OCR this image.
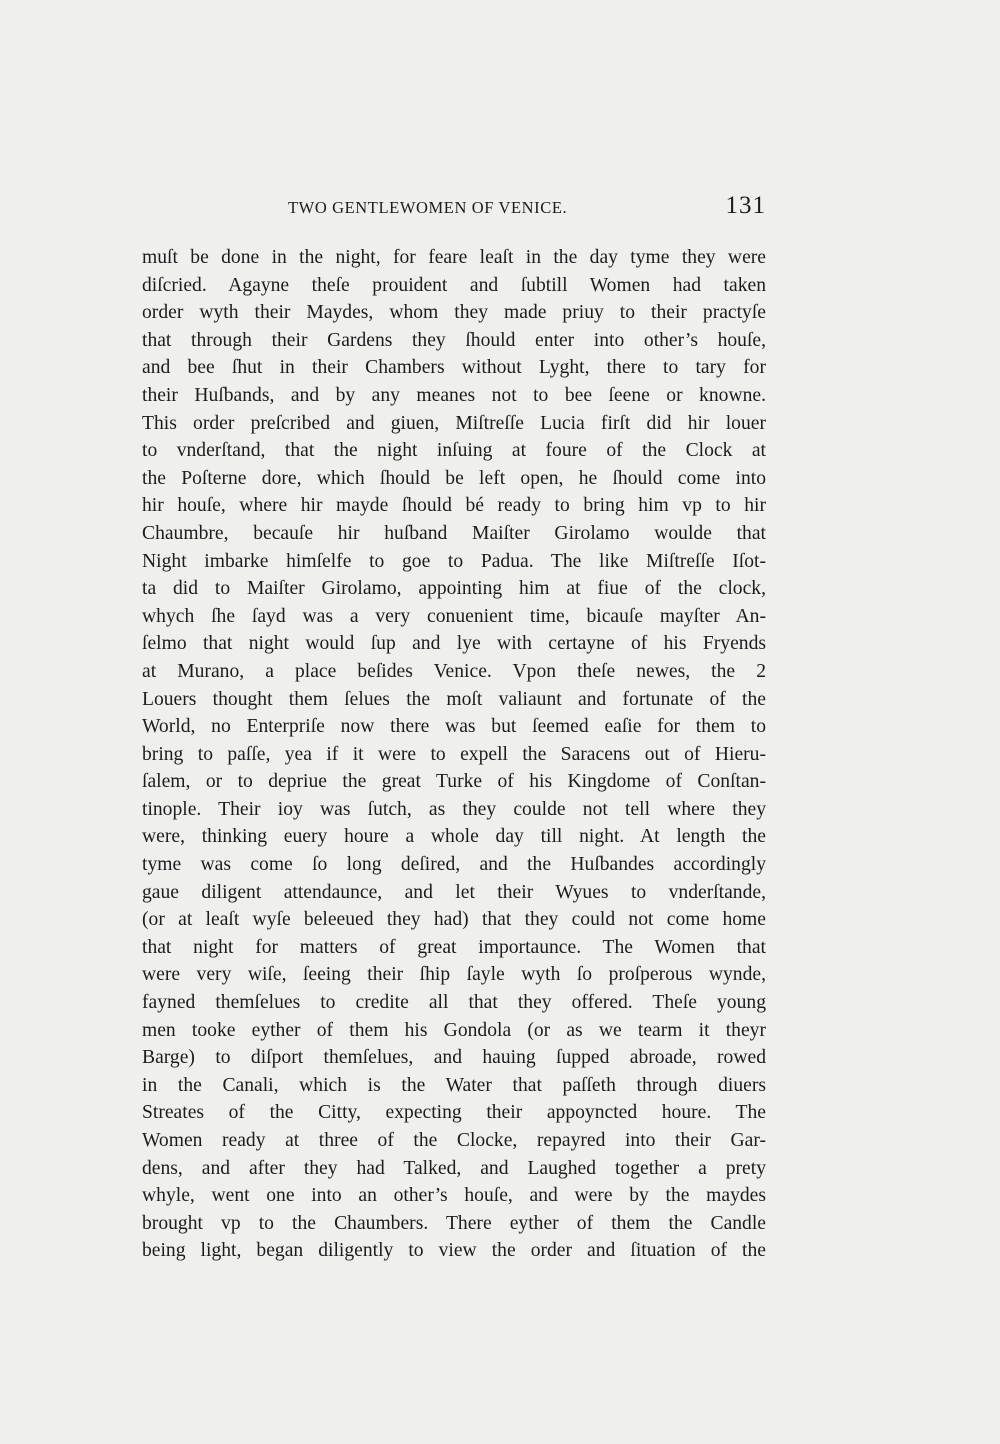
TWO GENTLEWOMEN OF VENICE.	131
muſt be done in the night, for feare leaſt in the day tyme they were
diſcried. Agayne theſe prouident and ſubtill Women had taken
order wyth their Maydes, whom they made priuy to their practyſe
that through their Gardens they ſhould enter into other’s houſe,
and bee ſhut in their Chambers without Lyght, there to tary for
their Huſbands, and by any meanes not to bee ſeene or knowne.
This order preſcribed and giuen, Miſtreſſe Lucia firſt did hir louer
to vnderſtand, that the night inſuing at foure of the Clock at
the Poſterne dore, which ſhould be left open, he ſhould come into
hir houſe, where hir mayde ſhould bé ready to bring him vp to hir
Chaumbre, becauſe hir huſband Maiſter Girolamo woulde that
Night imbarke himſelfe to goe to Padua. The like Miſtreſſe Iſot-
ta did to Maiſter Girolamo, appointing him at fiue of the clock,
whych ſhe ſayd was a very conuenient time, bicauſe mayſter An-
ſelmo that night would ſup and lye with certayne of his Fryends
at Murano, a place beſides Venice. Vpon theſe newes, the 2
Louers thought them ſelues the moſt valiaunt and fortunate of the
World, no Enterpriſe now there was but ſeemed eaſie for them to
bring to paſſe, yea if it were to expell the Saracens out of Hieru-
ſalem, or to depriue the great Turke of his Kingdome of Conſtan-
tinople. Their ioy was ſutch, as they coulde not tell where they
were, thinking euery houre a whole day till night. At length the
tyme was come ſo long deſired, and the Huſbandes accordingly
gaue diligent attendaunce, and let their Wyues to vnderſtande,
(or at leaſt wyſe beleeued they had) that they could not come home
that night for matters of great importaunce. The Women that
were very wiſe, ſeeing their ſhip ſayle wyth ſo proſperous wynde,
fayned themſelues to credite all that they offered. Theſe young
men tooke eyther of them his Gondola (or as we tearm it theyr
Barge) to diſport themſelues, and hauing ſupped abroade, rowed
in the Canali, which is the Water that paſſeth through diuers
Streates of the Citty, expecting their appoyncted houre. The
Women ready at three of the Clocke, repayred into their Gar-
dens, and after they had Talked, and Laughed together a prety
whyle, went one into an other’s houſe, and were by the maydes
brought vp to the Chaumbers. There eyther of them the Candle
being light, began diligently to view the order and ſituation of the
